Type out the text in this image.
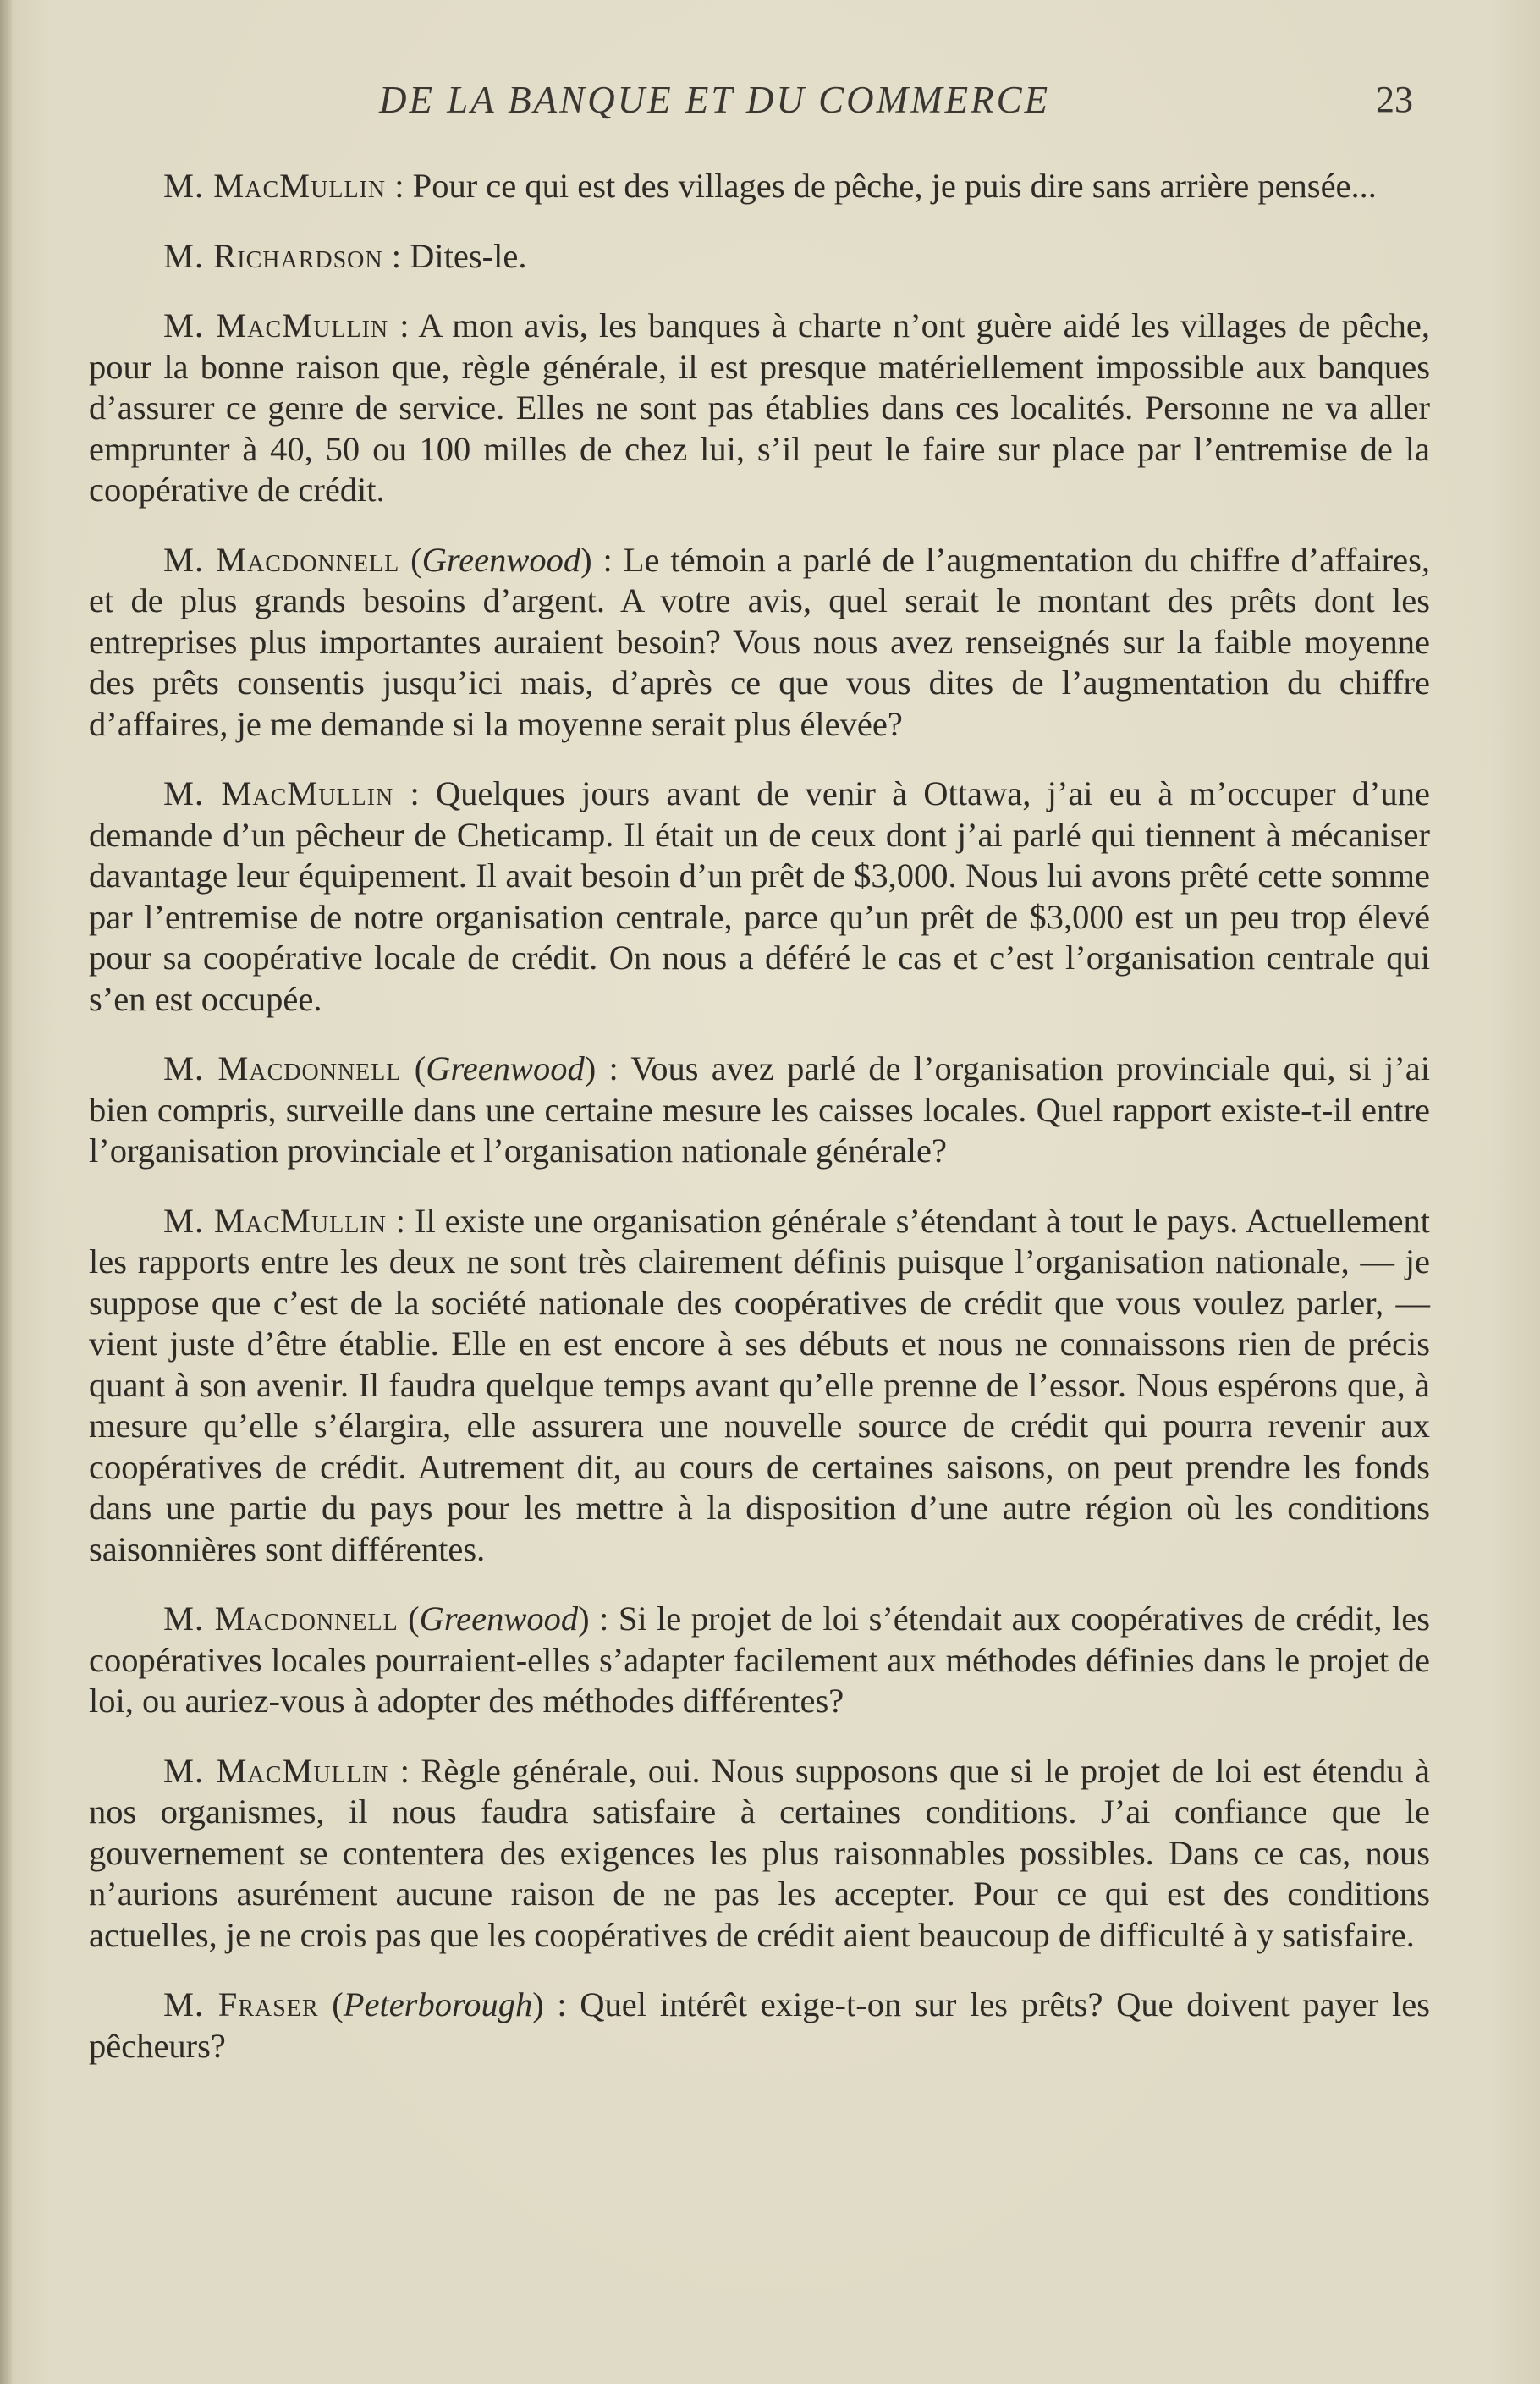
DE LA BANQUE ET DU COMMERCE	23

M. MacMullin : Pour ce qui est des villages de pêche, je puis dire sans arrière pensée...

M. Richardson : Dites-le.

M. MacMullin : A mon avis, les banques à charte n’ont guère aidé les villages de pêche, pour la bonne raison que, règle générale, il est presque matériellement impossible aux banques d’assurer ce genre de service. Elles ne sont pas établies dans ces localités. Personne ne va aller emprunter à 40, 50 ou 100 milles de chez lui, s’il peut le faire sur place par l’entremise de la coopérative de crédit.

M. Macdonnell (Greenwood) : Le témoin a parlé de l’augmentation du chiffre d’affaires, et de plus grands besoins d’argent. A votre avis, quel serait le montant des prêts dont les entreprises plus importantes auraient besoin? Vous nous avez renseignés sur la faible moyenne des prêts consentis jusqu’ici mais, d’après ce que vous dites de l’augmentation du chiffre d’affaires, je me demande si la moyenne serait plus élevée?

M. MacMullin : Quelques jours avant de venir à Ottawa, j’ai eu à m’occuper d’une demande d’un pêcheur de Cheticamp. Il était un de ceux dont j’ai parlé qui tiennent à mécaniser davantage leur équipement. Il avait besoin d’un prêt de $3,000. Nous lui avons prêté cette somme par l’entremise de notre organisation centrale, parce qu’un prêt de $3,000 est un peu trop élevé pour sa coopérative locale de crédit. On nous a déféré le cas et c’est l’organisation centrale qui s’en est occupée.

M. Macdonnell (Greenwood) : Vous avez parlé de l’organisation provinciale qui, si j’ai bien compris, surveille dans une certaine mesure les caisses locales. Quel rapport existe-t-il entre l’organisation provinciale et l’organisation nationale générale?

M. MacMullin : Il existe une organisation générale s’étendant à tout le pays. Actuellement les rapports entre les deux ne sont très clairement définis puisque l’organisation nationale, — je suppose que c’est de la société nationale des coopératives de crédit que vous voulez parler, — vient juste d’être établie. Elle en est encore à ses débuts et nous ne connaissons rien de précis quant à son avenir. Il faudra quelque temps avant qu’elle prenne de l’essor. Nous espérons que, à mesure qu’elle s’élargira, elle assurera une nouvelle source de crédit qui pourra revenir aux coopératives de crédit. Autrement dit, au cours de certaines saisons, on peut prendre les fonds dans une partie du pays pour les mettre à la disposition d’une autre région où les conditions saisonnières sont différentes.

M. Macdonnell (Greenwood) : Si le projet de loi s’étendait aux coopératives de crédit, les coopératives locales pourraient-elles s’adapter facilement aux méthodes définies dans le projet de loi, ou auriez-vous à adopter des méthodes différentes?

M. MacMullin : Règle générale, oui. Nous supposons que si le projet de loi est étendu à nos organismes, il nous faudra satisfaire à certaines conditions. J’ai confiance que le gouvernement se contentera des exigences les plus raisonnables possibles. Dans ce cas, nous n’aurions asurément aucune raison de ne pas les accepter. Pour ce qui est des conditions actuelles, je ne crois pas que les coopératives de crédit aient beaucoup de difficulté à y satisfaire.

M. Fraser (Peterborough) : Quel intérêt exige-t-on sur les prêts? Que doivent payer les pêcheurs?
